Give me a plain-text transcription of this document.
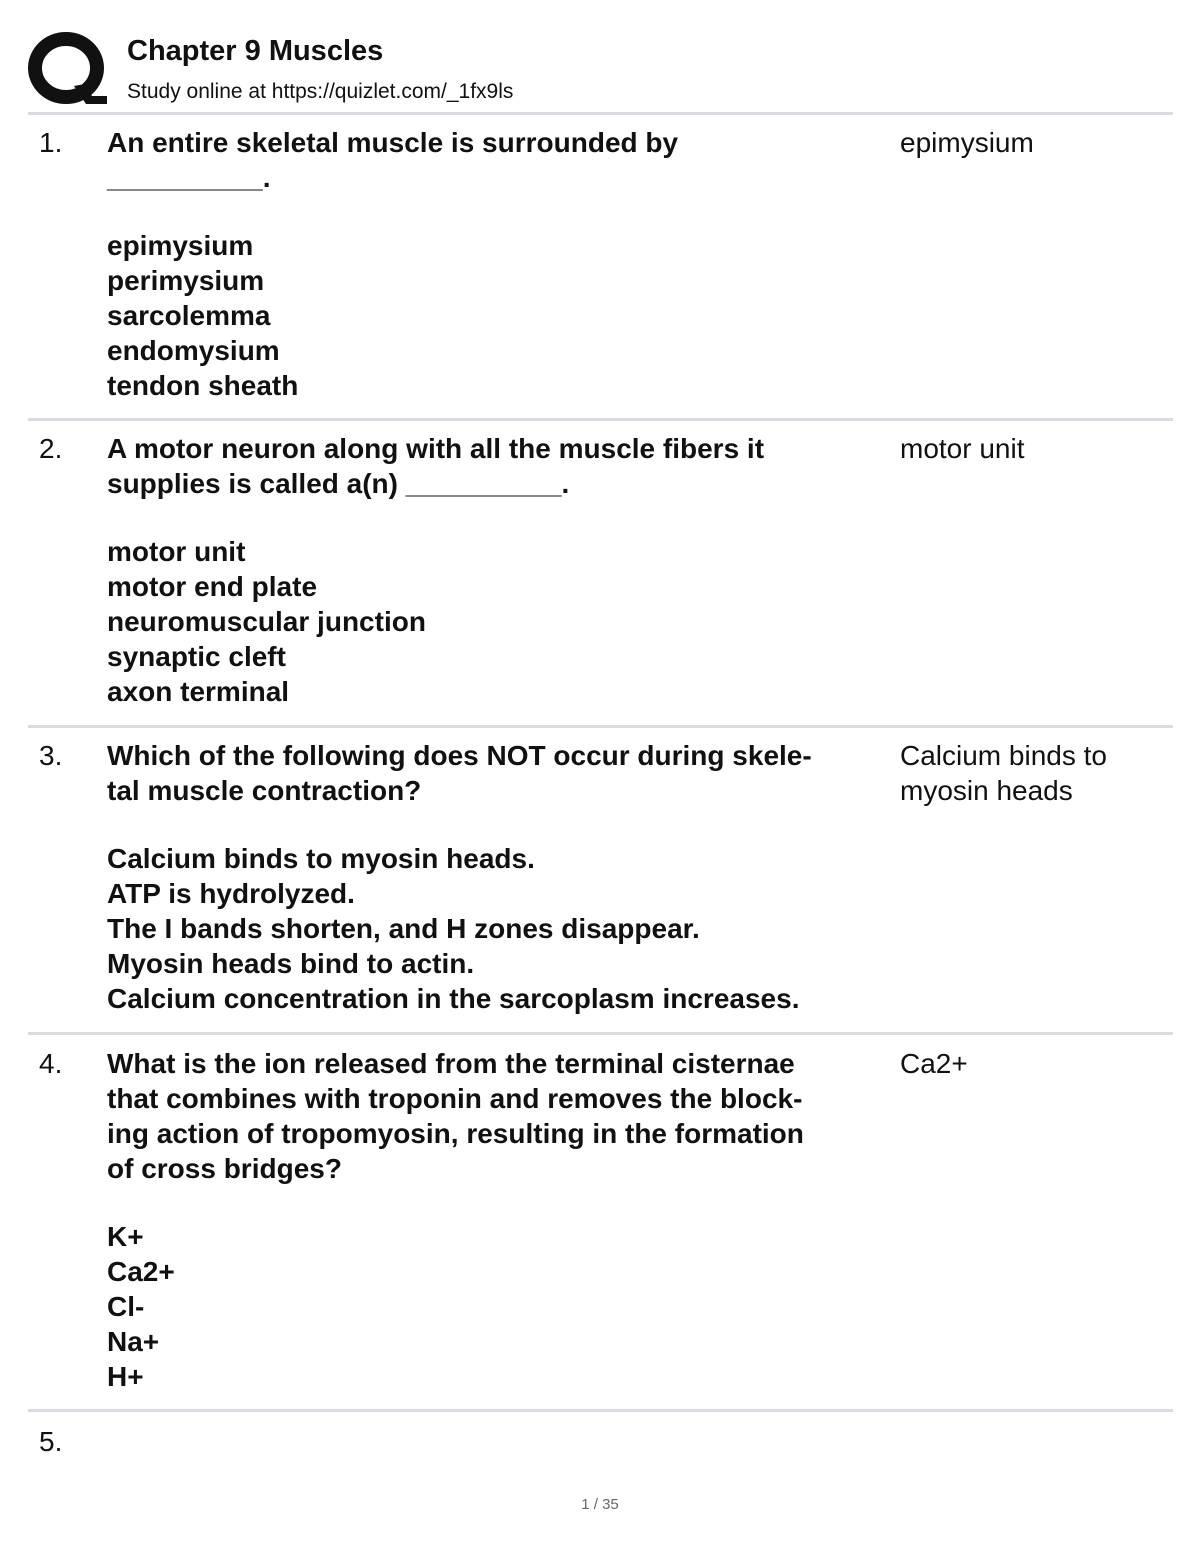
Chapter 9 Muscles
Study online at https://quizlet.com/_1fx9ls
1. An entire skeletal muscle is surrounded by
__________.
epimysium
perimysium
sarcolemma
endomysium
tendon sheath
epimysium
2. A motor neuron along with all the muscle fibers it
supplies is called a(n) __________.
motor unit
motor end plate
neuromuscular junction
synaptic cleft
axon terminal
motor unit
3. Which of the following does NOT occur during skele-
tal muscle contraction?
Calcium binds to myosin heads.
ATP is hydrolyzed.
The I bands shorten, and H zones disappear.
Myosin heads bind to actin.
Calcium concentration in the sarcoplasm increases.
Calcium binds to
myosin heads
4. What is the ion released from the terminal cisternae
that combines with troponin and removes the block-
ing action of tropomyosin, resulting in the formation
of cross bridges?
K+
Ca2+
Cl-
Na+
H+
Ca2+
5.
1 / 35
